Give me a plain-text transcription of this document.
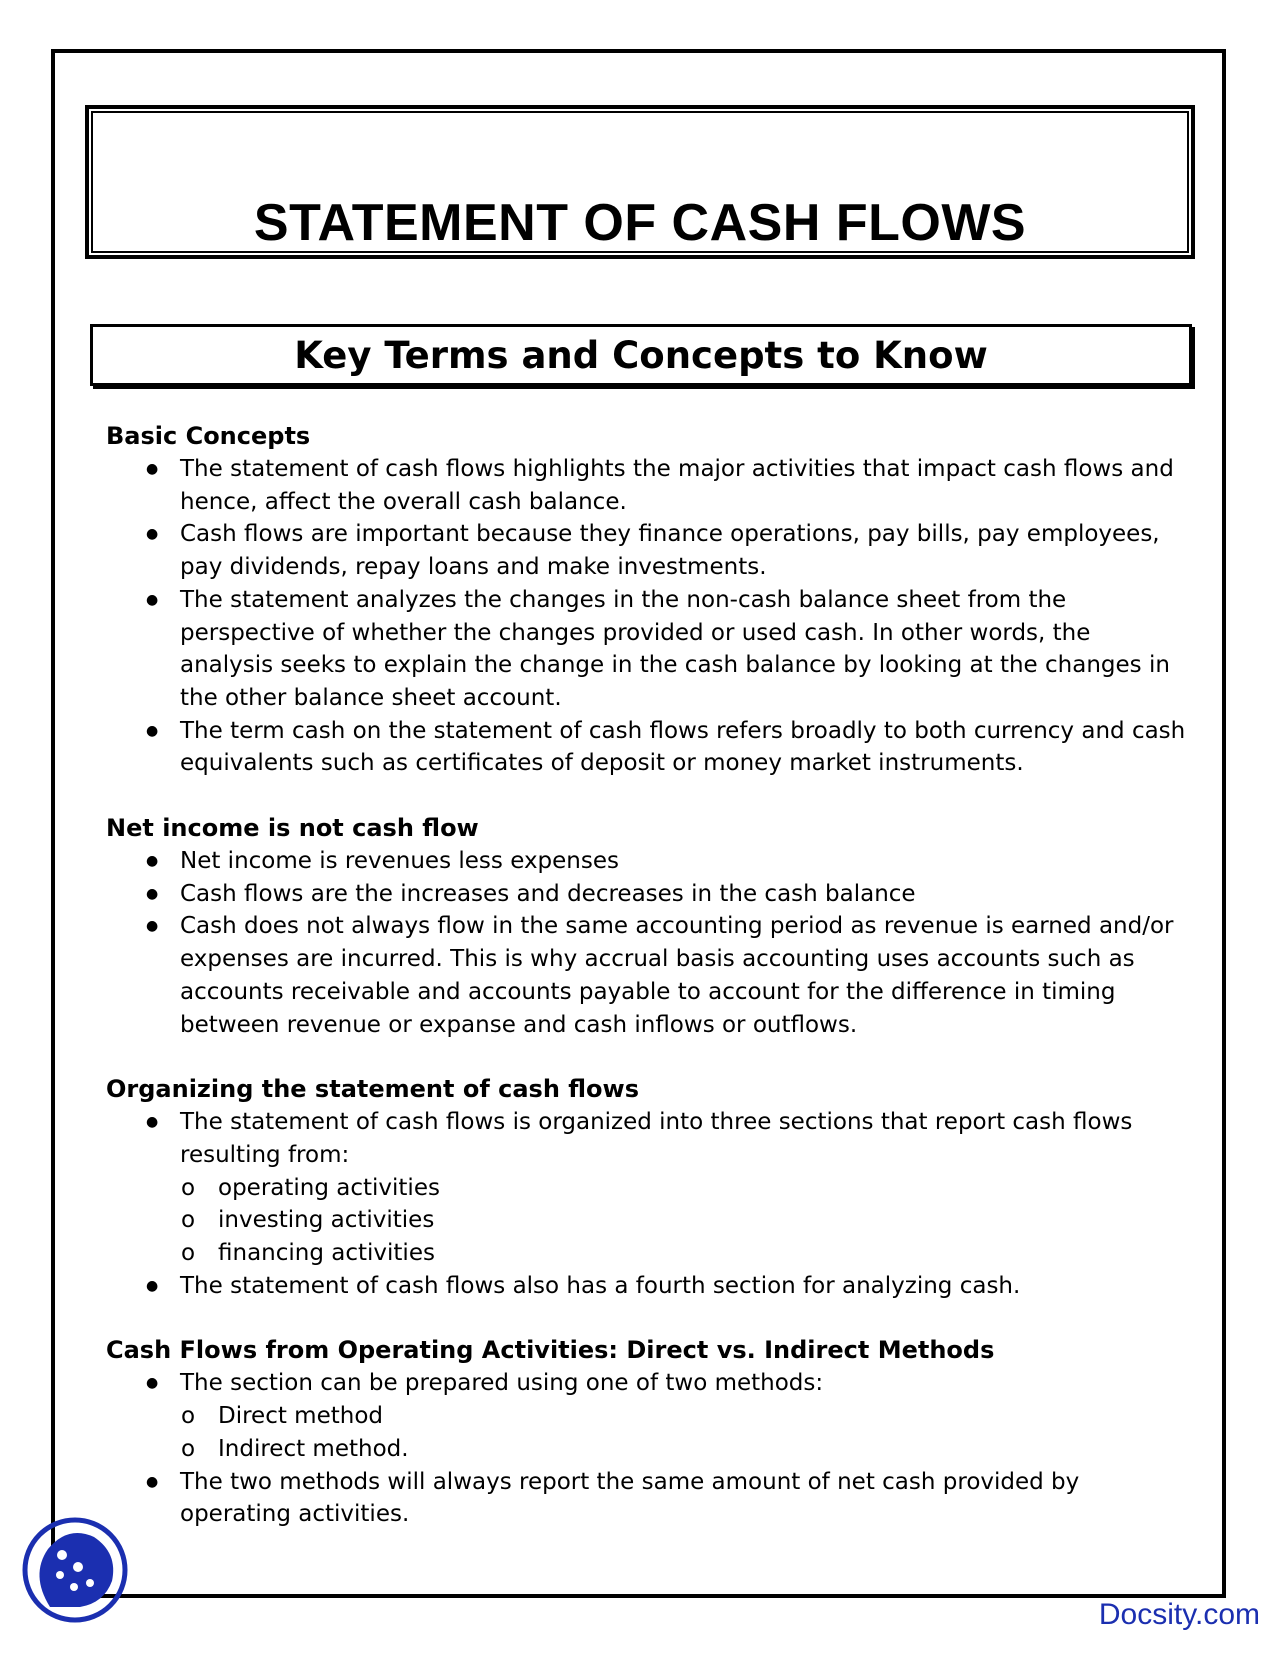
STATEMENT OF CASH FLOWS
Key Terms and Concepts to Know
Basic Concepts
● The statement of cash flows highlights the major activities that impact cash flows and hence, affect the overall cash balance.
● Cash flows are important because they finance operations, pay bills, pay employees, pay dividends, repay loans and make investments.
● The statement analyzes the changes in the non-cash balance sheet from the perspective of whether the changes provided or used cash. In other words, the analysis seeks to explain the change in the cash balance by looking at the changes in the other balance sheet account.
● The term cash on the statement of cash flows refers broadly to both currency and cash equivalents such as certificates of deposit or money market instruments.
Net income is not cash flow
● Net income is revenues less expenses
● Cash flows are the increases and decreases in the cash balance
● Cash does not always flow in the same accounting period as revenue is earned and/or expenses are incurred. This is why accrual basis accounting uses accounts such as accounts receivable and accounts payable to account for the difference in timing between revenue or expanse and cash inflows or outflows.
Organizing the statement of cash flows
● The statement of cash flows is organized into three sections that report cash flows resulting from:
o operating activities
o investing activities
o financing activities
● The statement of cash flows also has a fourth section for analyzing cash.
Cash Flows from Operating Activities: Direct vs. Indirect Methods
● The section can be prepared using one of two methods:
o Direct method
o Indirect method.
● The two methods will always report the same amount of net cash provided by operating activities.
Docsity.com
